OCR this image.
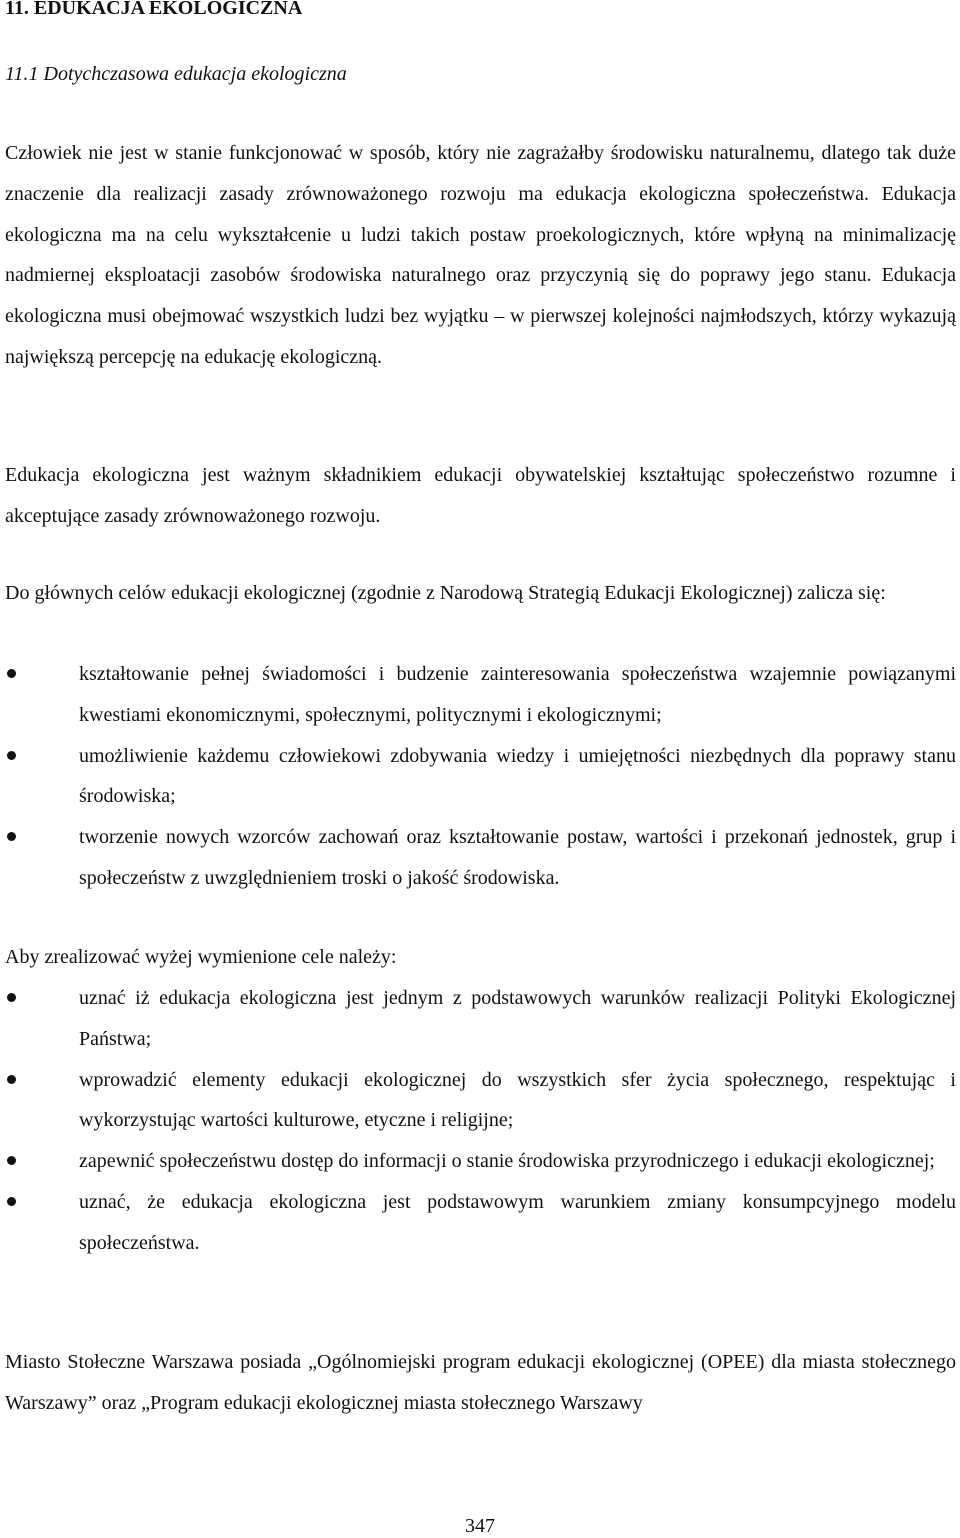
11. EDUKACJA EKOLOGICZNA
11.1 Dotychczasowa edukacja ekologiczna

Człowiek nie jest w stanie funkcjonować w sposób, który nie zagrażałby środowisku naturalnemu, dlatego tak duże znaczenie dla realizacji zasady zrównoważonego rozwoju ma edukacja ekologiczna społeczeństwa. Edukacja ekologiczna ma na celu wykształcenie u ludzi takich postaw proekologicznych, które wpłyną na minimalizację nadmiernej eksploatacji zasobów środowiska naturalnego oraz przyczynią się do poprawy jego stanu. Edukacja ekologiczna musi obejmować wszystkich ludzi bez wyjątku – w pierwszej kolejności najmłodszych, którzy wykazują największą percepcję na edukację ekologiczną.

Edukacja ekologiczna jest ważnym składnikiem edukacji obywatelskiej kształtując społeczeństwo rozumne i akceptujące zasady zrównoważonego rozwoju.

Do głównych celów edukacji ekologicznej (zgodnie z Narodową Strategią Edukacji Ekologicznej) zalicza się:

kształtowanie pełnej świadomości i budzenie zainteresowania społeczeństwa wzajemnie powiązanymi kwestiami ekonomicznymi, społecznymi, politycznymi i ekologicznymi;
umożliwienie każdemu człowiekowi zdobywania wiedzy i umiejętności niezbędnych dla poprawy stanu środowiska;
tworzenie nowych wzorców zachowań oraz kształtowanie postaw, wartości i przekonań jednostek, grup i społeczeństw z uwzględnieniem troski o jakość środowiska.

Aby zrealizować wyżej wymienione cele należy:

uznać iż edukacja ekologiczna jest jednym z podstawowych warunków realizacji Polityki Ekologicznej Państwa;
wprowadzić elementy edukacji ekologicznej do wszystkich sfer życia społecznego, respektując i wykorzystując wartości kulturowe, etyczne i religijne;
zapewnić społeczeństwu dostęp do informacji o stanie środowiska przyrodniczego i edukacji ekologicznej;
uznać, że edukacja ekologiczna jest podstawowym warunkiem zmiany konsumpcyjnego modelu społeczeństwa.

Miasto Stołeczne Warszawa posiada „Ogólnomiejski program edukacji ekologicznej (OPEE) dla miasta stołecznego Warszawy” oraz „Program edukacji ekologicznej miasta stołecznego Warszawy

347
